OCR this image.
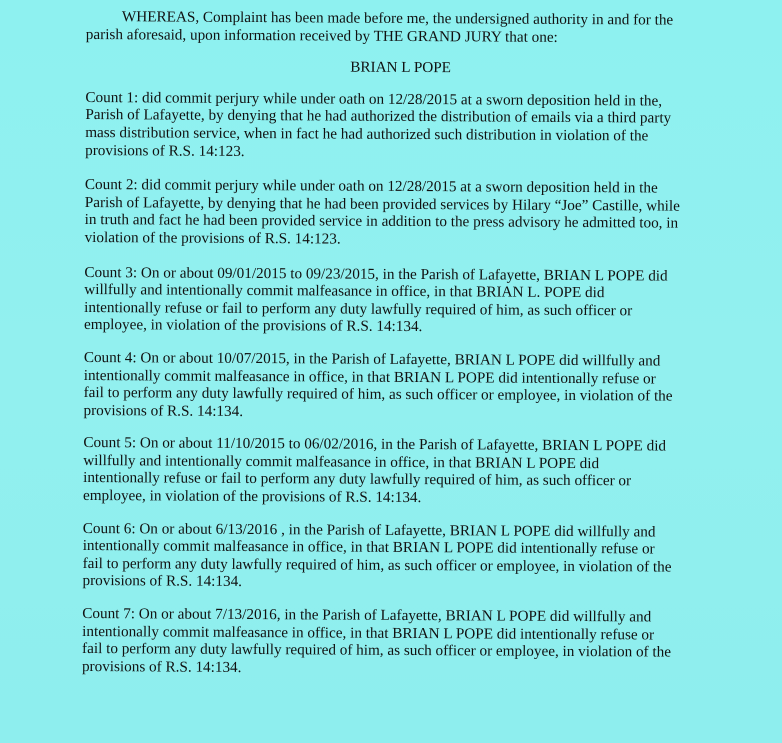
WHEREAS, Complaint has been made before me, the undersigned authority in and for the
parish aforesaid, upon information received by THE GRAND JURY that one:

BRIAN L POPE

Count 1: did commit perjury while under oath on 12/28/2015 at a sworn deposition held in the,
Parish of Lafayette, by denying that he had authorized the distribution of emails via a third party
mass distribution service, when in fact he had authorized such distribution in violation of the
provisions of R.S. 14:123.

Count 2: did commit perjury while under oath on 12/28/2015 at a sworn deposition held in the
Parish of Lafayette, by denying that he had been provided services by Hilary “Joe” Castille, while
in truth and fact he had been provided service in addition to the press advisory he admitted too, in
violation of the provisions of R.S. 14:123.

Count 3: On or about 09/01/2015 to 09/23/2015, in the Parish of Lafayette, BRIAN L POPE did
willfully and intentionally commit malfeasance in office, in that BRIAN L. POPE did
intentionally refuse or fail to perform any duty lawfully required of him, as such officer or
employee, in violation of the provisions of R.S. 14:134.

Count 4: On or about 10/07/2015, in the Parish of Lafayette, BRIAN L POPE did willfully and
intentionally commit malfeasance in office, in that BRIAN L POPE did intentionally refuse or
fail to perform any duty lawfully required of him, as such officer or employee, in violation of the
provisions of R.S. 14:134.

Count 5: On or about 11/10/2015 to 06/02/2016, in the Parish of Lafayette, BRIAN L POPE did
willfully and intentionally commit malfeasance in office, in that BRIAN L POPE did
intentionally refuse or fail to perform any duty lawfully required of him, as such officer or
employee, in violation of the provisions of R.S. 14:134.

Count 6: On or about 6/13/2016 , in the Parish of Lafayette, BRIAN L POPE did willfully and
intentionally commit malfeasance in office, in that BRIAN L POPE did intentionally refuse or
fail to perform any duty lawfully required of him, as such officer or employee, in violation of the
provisions of R.S. 14:134.

Count 7: On or about 7/13/2016, in the Parish of Lafayette, BRIAN L POPE did willfully and
intentionally commit malfeasance in office, in that BRIAN L POPE did intentionally refuse or
fail to perform any duty lawfully required of him, as such officer or employee, in violation of the
provisions of R.S. 14:134.
